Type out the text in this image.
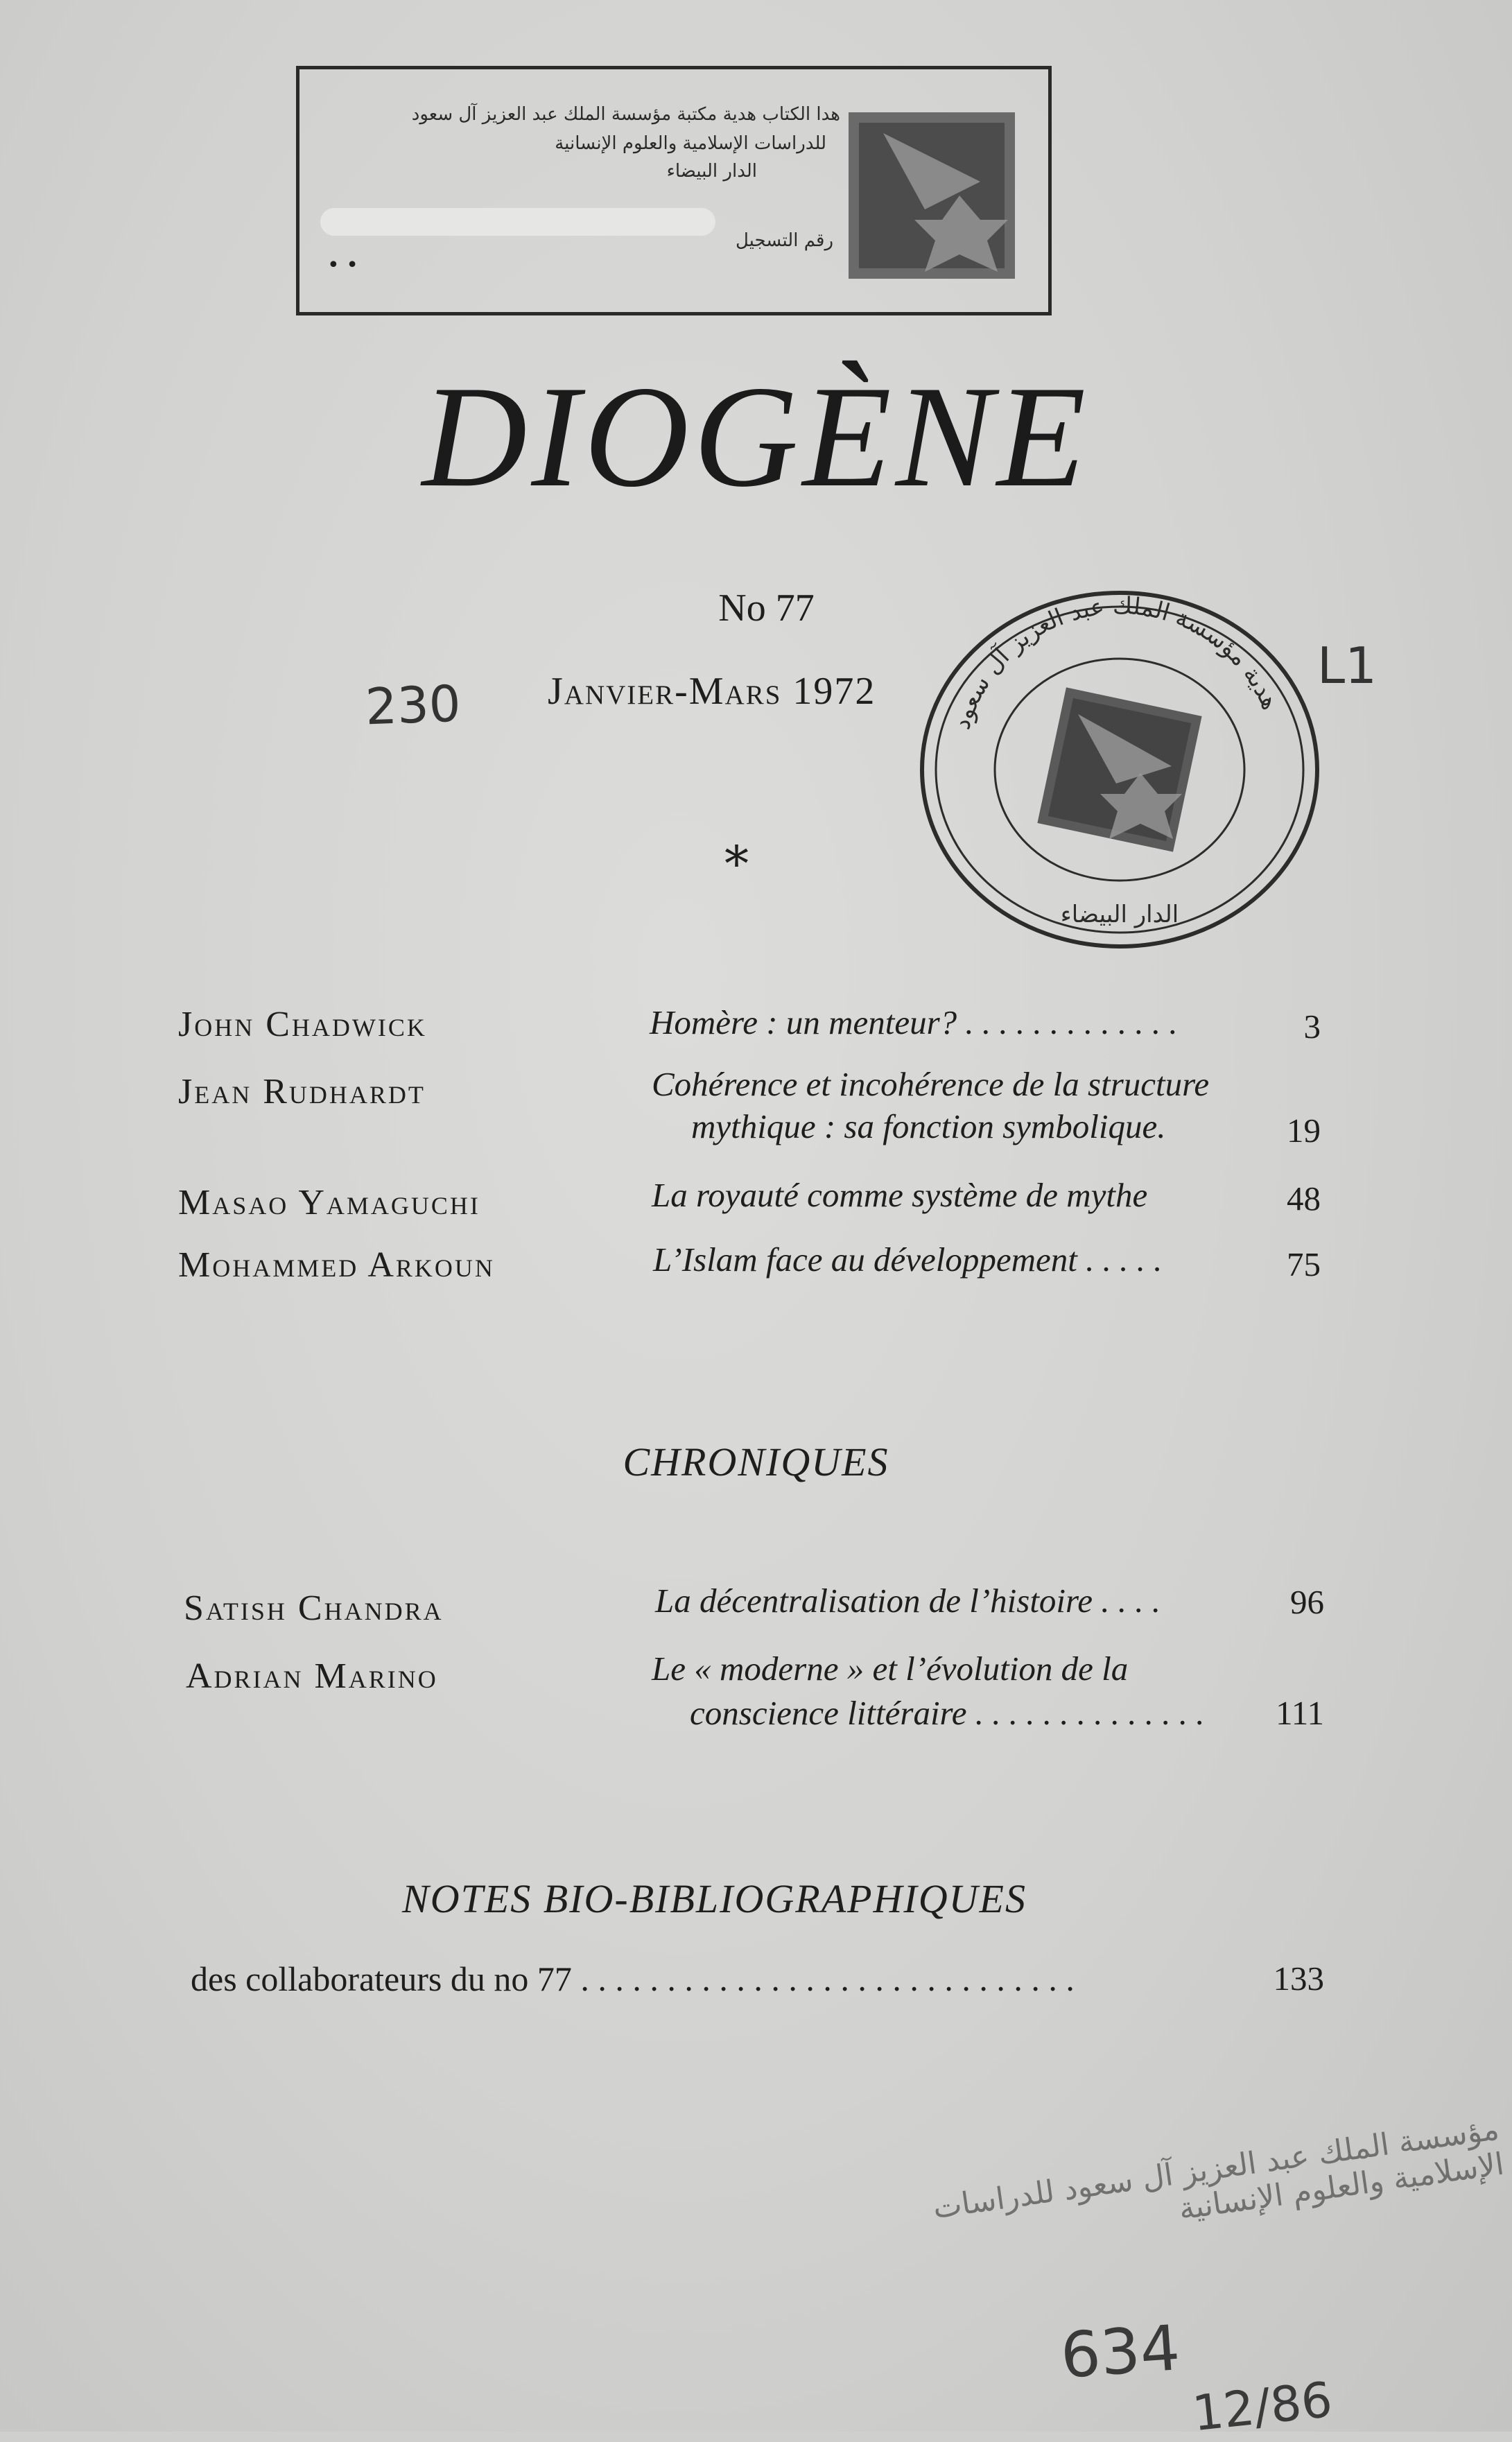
هدا الكتاب هدية مكتبة مؤسسة الملك عبد العزيز آل سعود
للدراسات الإسلامية والعلوم الإنسانية
الدار البيضاء
رقم التسجيل
• •
DIOGÈNE
No 77
230 Janvier-Mars 1972	L1
هدية مؤسسة الملك عبد العزيز آل سعود
الدار البيضاء
*
John Chadwick	Homère : un menteur? . . . . . . . . . . . . .	3
Jean Rudhardt	Cohérence et incohérence de la structure
mythique : sa fonction symbolique.	19
Masao Yamaguchi	La royauté comme système de mythe	48
Mohammed Arkoun	L’Islam face au développement . . . . .	75
CHRONIQUES
Satish Chandra	La décentralisation de l’histoire . . . .	96
Adrian Marino	Le « moderne » et l’évolution de la
conscience littéraire . . . . . . . . . . . . . .	111
NOTES BIO-BIBLIOGRAPHIQUES
des collaborateurs du no 77 . . . . . . . . . . . . . . . . . . . . . . . . . . . . .	133
مؤسسة الملك عبد العزيز آل سعود للدراسات الإسلامية والعلوم الإنسانية
634
12/86
